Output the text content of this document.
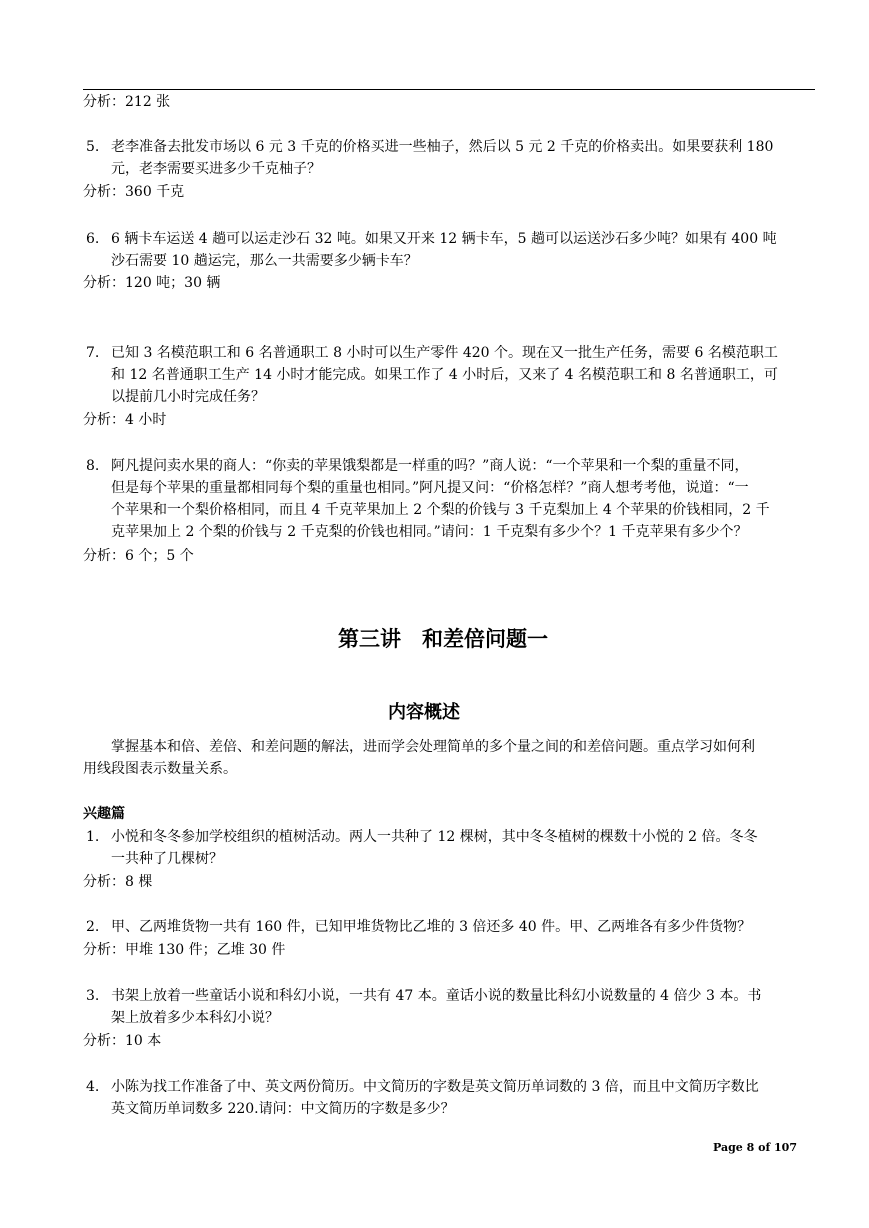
分析：212 张
5. 老李准备去批发市场以 6 元 3 千克的价格买进一些柚子，然后以 5 元 2 千克的价格卖出。如果要获利 180
元，老李需要买进多少千克柚子？
分析：360 千克
6. 6 辆卡车运送 4 趟可以运走沙石 32 吨。如果又开来 12 辆卡车，5 趟可以运送沙石多少吨？如果有 400 吨
沙石需要 10 趟运完，那么一共需要多少辆卡车？
分析：120 吨；30 辆
7. 已知 3 名模范职工和 6 名普通职工 8 小时可以生产零件 420 个。现在又一批生产任务，需要 6 名模范职工
和 12 名普通职工生产 14 小时才能完成。如果工作了 4 小时后，又来了 4 名模范职工和 8 名普通职工，可
以提前几小时完成任务？
分析：4 小时
8. 阿凡提问卖水果的商人：“你卖的苹果饿梨都是一样重的吗？”商人说：“一个苹果和一个梨的重量不同，
但是每个苹果的重量都相同每个梨的重量也相同。”阿凡提又问：“价格怎样？”商人想考考他，说道：“一
个苹果和一个梨价格相同，而且 4 千克苹果加上 2 个梨的价钱与 3 千克梨加上 4 个苹果的价钱相同，2 千
克苹果加上 2 个梨的价钱与 2 千克梨的价钱也相同。”请问：1 千克梨有多少个？1 千克苹果有多少个？
分析：6 个；5 个
第三讲　和差倍问题一
内容概述
掌握基本和倍、差倍、和差问题的解法，进而学会处理简单的多个量之间的和差倍问题。重点学习如何利
用线段图表示数量关系。
兴趣篇
1. 小悦和冬冬参加学校组织的植树活动。两人一共种了 12 棵树，其中冬冬植树的棵数十小悦的 2 倍。冬冬
一共种了几棵树？
分析：8 棵
2. 甲、乙两堆货物一共有 160 件，已知甲堆货物比乙堆的 3 倍还多 40 件。甲、乙两堆各有多少件货物？
分析：甲堆 130 件；乙堆 30 件
3. 书架上放着一些童话小说和科幻小说，一共有 47 本。童话小说的数量比科幻小说数量的 4 倍少 3 本。书
架上放着多少本科幻小说？
分析：10 本
4. 小陈为找工作准备了中、英文两份简历。中文简历的字数是英文简历单词数的 3 倍，而且中文简历字数比
英文简历单词数多 220.请问：中文简历的字数是多少？
Page 8 of 107
